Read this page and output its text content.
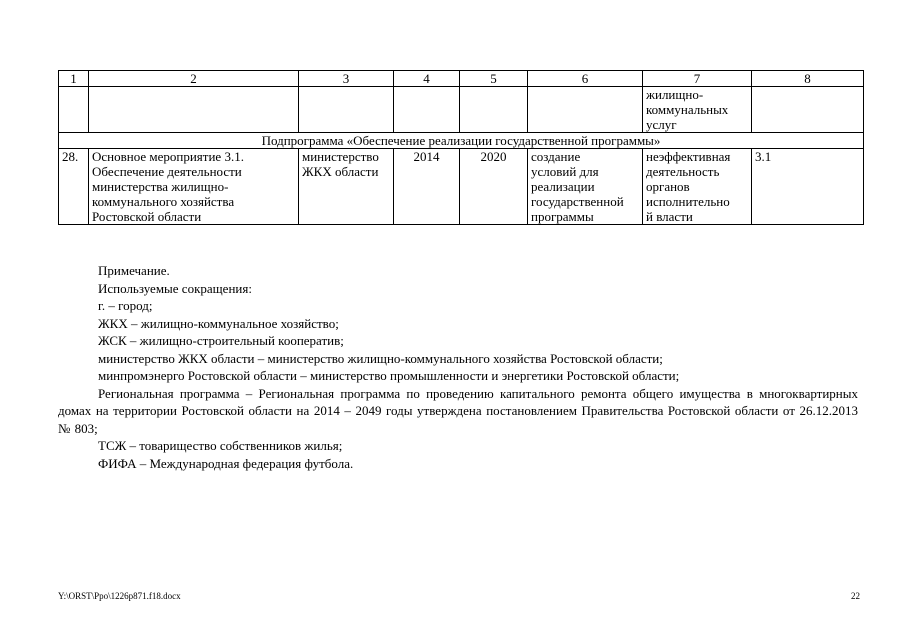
1	2	3	4	5	6	7	8

						жилищно-
коммунальных
услуг	

Подпрограмма «Обеспечение реализации государственной программы»							
28.	Основное мероприятие 3.1.
Обеспечение деятельности
министерства жилищно-
коммунального хозяйства
Ростовской области	министерство
ЖКХ области	2014	2020	создание
условий для
реализации
государственной
программы	неэффективная
деятельность
органов
исполнительно
й власти	3.1

Примечание.

Используемые сокращения:

г. – город;

ЖКХ – жилищно-коммунальное хозяйство;

ЖСК – жилищно-строительный кооператив;

министерство ЖКХ области – министерство жилищно-коммунального хозяйства Ростовской области;

минпромэнерго Ростовской области – министерство промышленности и энергетики Ростовской области;

Региональная программа – Региональная программа по проведению капитального ремонта общего имущества в многоквартирных домах на территории Ростовской области на 2014 – 2049 годы утверждена постановлением Правительства Ростовской области от 26.12.2013 № 803;

ТСЖ – товарищество собственников жилья;

ФИФА – Международная федерация футбола.

Y:\ORST\Ppo\1226p871.f18.docx	22
